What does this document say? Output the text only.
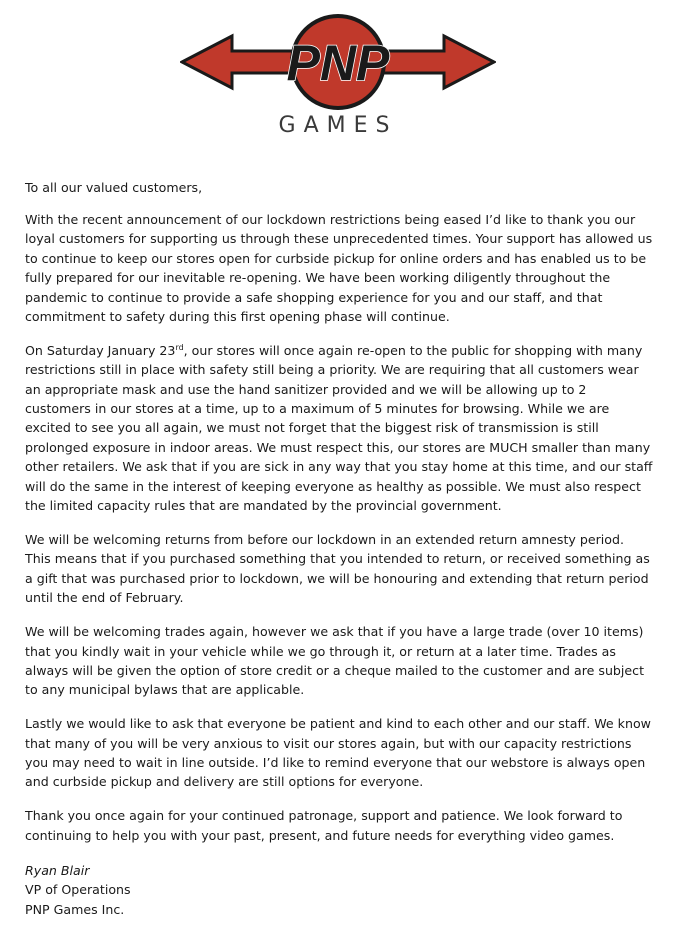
PNP
GAMES

To all our valued customers,

With the recent announcement of our lockdown restrictions being eased I’d like to thank you our loyal customers for supporting us through these unprecedented times. Your support has allowed us to continue to keep our stores open for curbside pickup for online orders and has enabled us to be fully prepared for our inevitable re-opening. We have been working diligently throughout the pandemic to continue to provide a safe shopping experience for you and our staff, and that commitment to safety during this first opening phase will continue.

On Saturday January 23rd, our stores will once again re-open to the public for shopping with many restrictions still in place with safety still being a priority. We are requiring that all customers wear an appropriate mask and use the hand sanitizer provided and we will be allowing up to 2 customers in our stores at a time, up to a maximum of 5 minutes for browsing. While we are excited to see you all again, we must not forget that the biggest risk of transmission is still prolonged exposure in indoor areas. We must respect this, our stores are MUCH smaller than many other retailers. We ask that if you are sick in any way that you stay home at this time, and our staff will do the same in the interest of keeping everyone as healthy as possible. We must also respect the limited capacity rules that are mandated by the provincial government.

We will be welcoming returns from before our lockdown in an extended return amnesty period. This means that if you purchased something that you intended to return, or received something as a gift that was purchased prior to lockdown, we will be honouring and extending that return period until the end of February.

We will be welcoming trades again, however we ask that if you have a large trade (over 10 items) that you kindly wait in your vehicle while we go through it, or return at a later time. Trades as always will be given the option of store credit or a cheque mailed to the customer and are subject to any municipal bylaws that are applicable.

Lastly we would like to ask that everyone be patient and kind to each other and our staff. We know that many of you will be very anxious to visit our stores again, but with our capacity restrictions you may need to wait in line outside. I’d like to remind everyone that our webstore is always open and curbside pickup and delivery are still options for everyone.

Thank you once again for your continued patronage, support and patience. We look forward to continuing to help you with your past, present, and future needs for everything video games.

Ryan Blair
VP of Operations
PNP Games Inc.
